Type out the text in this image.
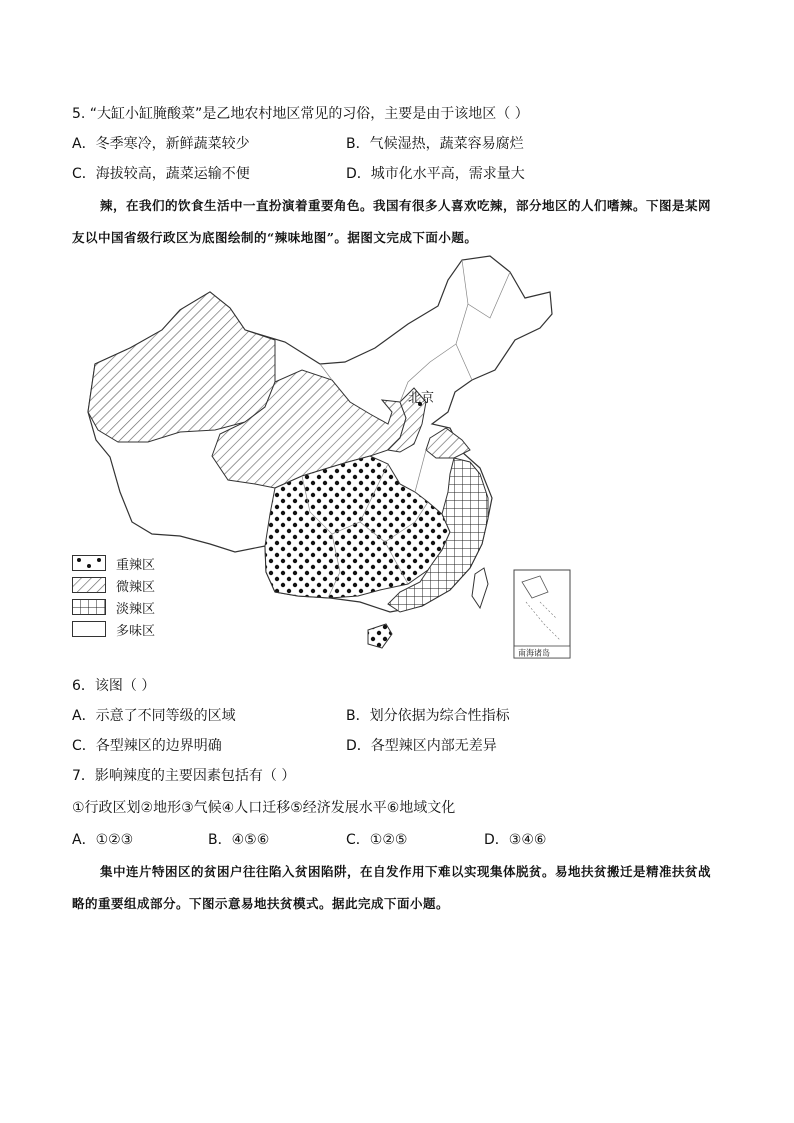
5. “大缸小缸腌酸菜”是乙地农村地区常见的习俗，主要是由于该地区（ ）
A．冬季寒冷，新鲜蔬菜较少	B．气候湿热，蔬菜容易腐烂
C．海拔较高，蔬菜运输不便	D．城市化水平高，需求量大
辣，在我们的饮食生活中一直扮演着重要角色。我国有很多人喜欢吃辣，部分地区的人们嗜辣。下图是某网友以中国省级行政区为底图绘制的“辣味地图”。据图文完成下面小题。
北京
南海诸岛
重辣区
微辣区
淡辣区
多味区
6．该图（ ）
A．示意了不同等级的区域	B．划分依据为综合性指标
C．各型辣区的边界明确	D．各型辣区内部无差异
7．影响辣度的主要因素包括有（ ）
①行政区划②地形③气候④人口迁移⑤经济发展水平⑥地域文化
A．①②③	B．④⑤⑥	C．①②⑤	D．③④⑥
集中连片特困区的贫困户往往陷入贫困陷阱，在自发作用下难以实现集体脱贫。易地扶贫搬迁是精准扶贫战略的重要组成部分。下图示意易地扶贫模式。据此完成下面小题。
